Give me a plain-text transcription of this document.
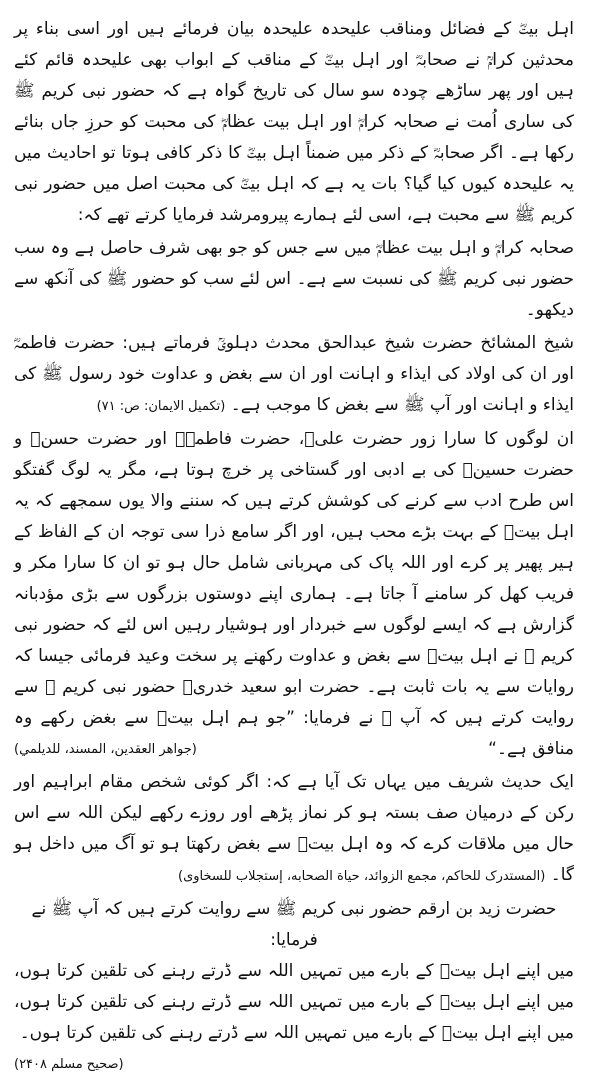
اہل بیتؓ کے فضائل ومناقب علیحدہ علیحدہ بیان فرمائے ہیں اور اسی بناء پر محدثین کرامؒ نے صحابہؓ اور اہل بیتؓ کے مناقب کے ابواب بھی علیحدہ قائم کئے ہیں اور پھر ساڑھے چودہ سو سال کی تاریخ گواہ ہے کہ حضور نبی کریم ﷺ کی ساری اُمت نے صحابہ کرامؓ اور اہل بیت عظامؓ کی محبت کو حرزِ جاں بنائے رکھا ہے۔ اگر صحابہؓ کے ذکر میں ضمناً اہل بیتؓ کا ذکر کافی ہوتا تو احادیث میں یہ علیحدہ کیوں کیا گیا؟ بات یہ ہے کہ اہل بیتؓ کی محبت اصل میں حضور نبی کریم ﷺ سے محبت ہے، اسی لئے ہمارے پیرومرشد فرمایا کرتے تھے کہ:

صحابہ کرامؓ و اہل بیت عظامؓ میں سے جس کو جو بھی شرف حاصل ہے وہ سب حضور نبی کریم ﷺ کی نسبت سے ہے۔ اس لئے سب کو حضور ﷺ کی آنکھ سے دیکھو۔

شیخ المشائخ حضرت شیخ عبدالحق محدث دہلویؒ فرماتے ہیں: حضرت فاطمہؓ اور ان کی اولاد کی ایذاء و اہانت اور ان سے بغض و عداوت خود رسول ﷺ کی ایذاء و اہانت اور آپ ﷺ سے بغض کا موجب ہے۔ (تکمیل الایمان: ص: ۷۱)

ان لوگوں کا سارا زور حضرت علیؓ، حضرت فاطمہؓ اور حضرت حسنؓ و حضرت حسینؓ کی بے ادبی اور گستاخی پر خرچ ہوتا ہے، مگر یہ لوگ گفتگو اس طرح ادب سے کرنے کی کوشش کرتے ہیں کہ سننے والا یوں سمجھے کہ یہ اہل بیتؓ کے بہت بڑے محب ہیں، اور اگر سامع ذرا سی توجہ ان کے الفاظ کے ہیر پھیر پر کرے اور اللہ پاک کی مہربانی شامل حال ہو تو ان کا سارا مکر و فریب کھل کر سامنے آ جاتا ہے۔ ہماری اپنے دوستوں بزرگوں سے بڑی مؤدبانہ گزارش ہے کہ ایسے لوگوں سے خبردار اور ہوشیار رہیں اس لئے کہ حضور نبی کریم ﷺ نے اہل بیتؓ سے بغض و عداوت رکھنے پر سخت وعید فرمائی جیسا کہ روایات سے یہ بات ثابت ہے۔ حضرت ابو سعید خدریؓ حضور نبی کریم ﷺ سے روایت کرتے ہیں کہ آپ ﷺ نے فرمایا: ”جو ہم اہل بیتؓ سے بغض رکھے وہ منافق ہے۔“
(جواهر العقدين، المسند، للديلمي)

ایک حدیث شریف میں یہاں تک آیا ہے کہ: اگر کوئی شخص مقام ابراہیم اور رکن کے درمیان صف بستہ ہو کر نماز پڑھے اور روزے رکھے لیکن اللہ سے اس حال میں ملاقات کرے کہ وہ اہل بیتؓ سے بغض رکھتا ہو تو آگ میں داخل ہو گا۔ (المستدرک للحاکم، مجمع الزوائد، حياة الصحابه، إستجلاب للسخاوی)

حضرت زید بن ارقم حضور نبی کریم ﷺ سے روایت کرتے ہیں کہ آپ ﷺ نے فرمایا:

میں اپنے اہل بیتؓ کے بارے میں تمہیں اللہ سے ڈرتے رہنے کی تلقین کرتا ہوں، میں اپنے اہل بیتؓ کے بارے میں تمہیں اللہ سے ڈرتے رہنے کی تلقین کرتا ہوں، میں اپنے اہل بیتؓ کے بارے میں تمہیں اللہ سے ڈرتے رہنے کی تلقین کرتا ہوں۔
(صحیح مسلم ۲۴۰۸)
